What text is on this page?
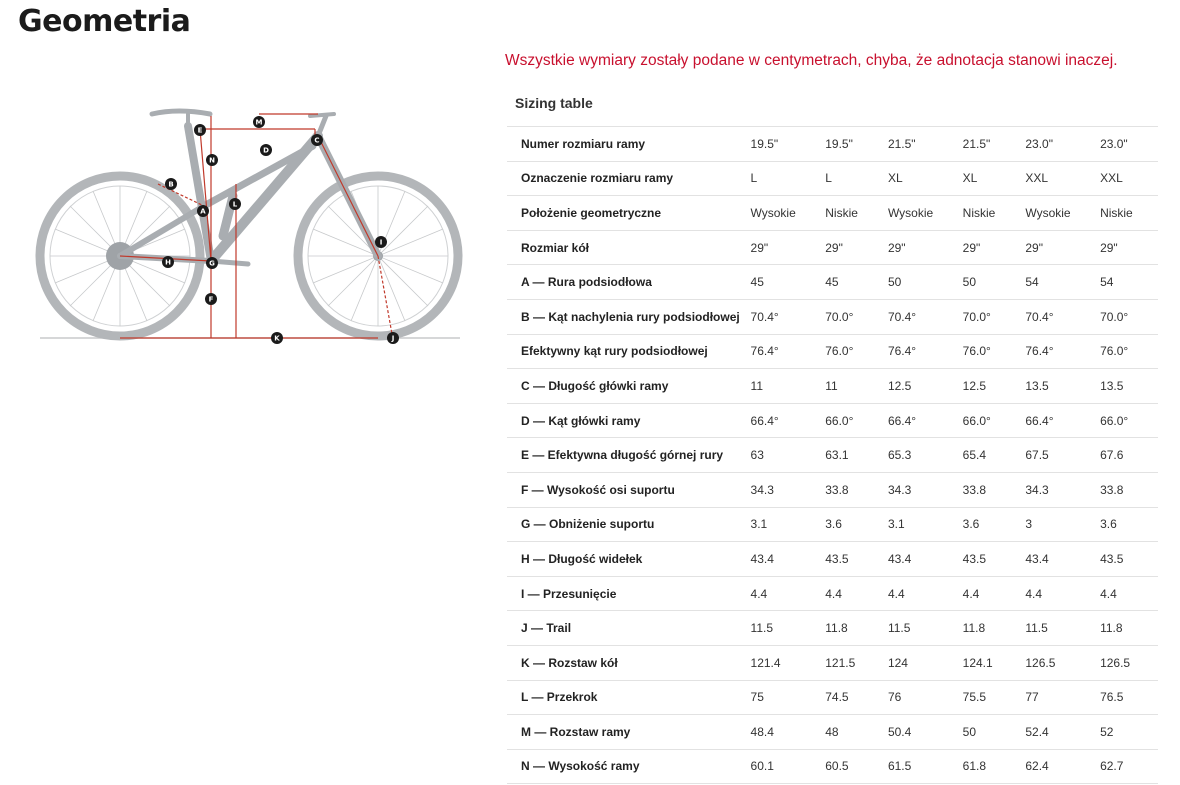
Geometria
M
E
C
D
N
B
A
L
I
H	G
F
K	J
Wszystkie wymiary zostały podane w centymetrach, chyba, że adnotacja stanowi inaczej.
Sizing table
Numer rozmiaru ramy	19.5"	19.5"	21.5"	21.5"	23.0"	23.0"
Oznaczenie rozmiaru ramy	L	L	XL	XL	XXL	XXL
Położenie geometryczne	Wysokie	Niskie	Wysokie	Niskie	Wysokie	Niskie
Rozmiar kół	29"	29"	29"	29"	29"	29"
A — Rura podsiodłowa	45	45	50	50	54	54
B — Kąt nachylenia rury podsiodłowej	70.4°	70.0°	70.4°	70.0°	70.4°	70.0°
Efektywny kąt rury podsiodłowej	76.4°	76.0°	76.4°	76.0°	76.4°	76.0°
C — Długość główki ramy	11	11	12.5	12.5	13.5	13.5
D — Kąt główki ramy	66.4°	66.0°	66.4°	66.0°	66.4°	66.0°
E — Efektywna długość górnej rury	63	63.1	65.3	65.4	67.5	67.6
F — Wysokość osi suportu	34.3	33.8	34.3	33.8	34.3	33.8
G — Obniżenie suportu	3.1	3.6	3.1	3.6	3	3.6
H — Długość widełek	43.4	43.5	43.4	43.5	43.4	43.5
I — Przesunięcie	4.4	4.4	4.4	4.4	4.4	4.4
J — Trail	11.5	11.8	11.5	11.8	11.5	11.8
K — Rozstaw kół	121.4	121.5	124	124.1	126.5	126.5
L — Przekrok	75	74.5	76	75.5	77	76.5
M — Rozstaw ramy	48.4	48	50.4	50	52.4	52
N — Wysokość ramy	60.1	60.5	61.5	61.8	62.4	62.7
